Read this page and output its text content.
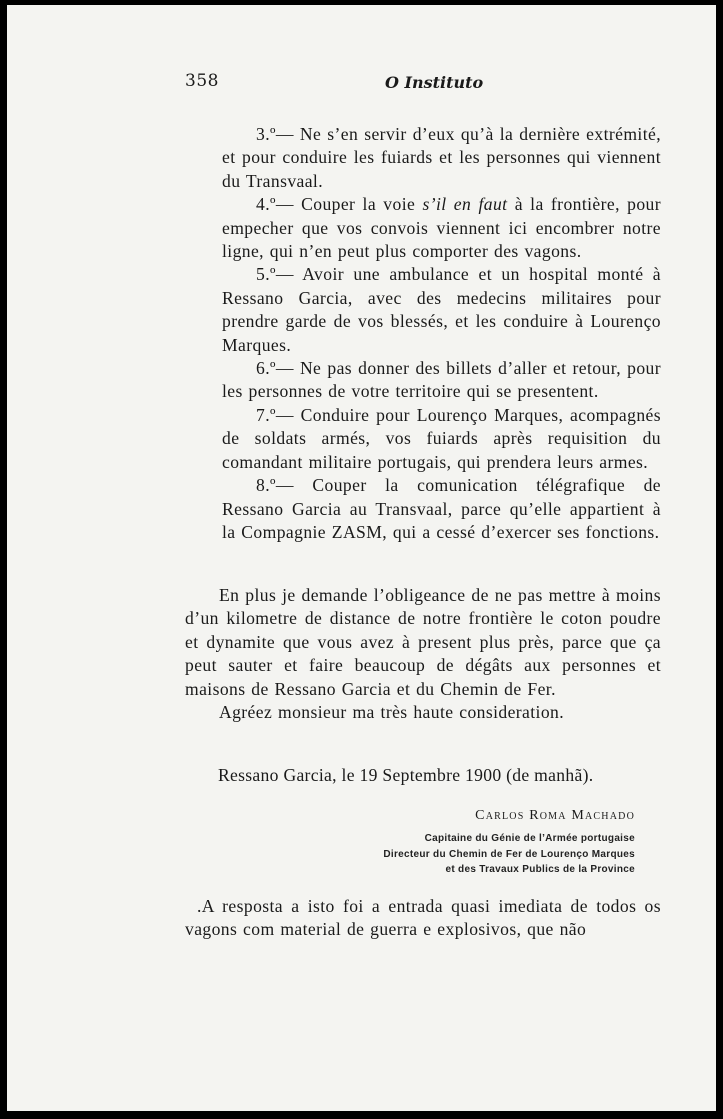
358	O Instituto

3.º— Ne s’en servir d’eux qu’à la dernière extrémité, et pour conduire les fuiards et les personnes qui viennent du Transvaal.

4.º— Couper la voie s’il en faut à la frontière, pour empecher que vos convois viennent ici encombrer notre ligne, qui n’en peut plus comporter des vagons.

5.º— Avoir une ambulance et un hospital monté à Ressano Garcia, avec des medecins militaires pour prendre garde de vos blessés, et les conduire à Lourenço Marques.

6.º— Ne pas donner des billets d’aller et retour, pour les personnes de votre territoire qui se presentent.

7.º— Conduire pour Lourenço Marques, acompagnés de soldats armés, vos fuiards après requisition du comandant militaire portugais, qui prendera leurs armes.

8.º— Couper la comunication télégrafique de Ressano Garcia au Transvaal, parce qu’elle appartient à la Compagnie ZASM, qui a cessé d’exercer ses fonctions.

En plus je demande l’obligeance de ne pas mettre à moins d’un kilometre de distance de notre frontière le coton poudre et dynamite que vous avez à present plus près, parce que ça peut sauter et faire beaucoup de dégâts aux personnes et maisons de Ressano Garcia et du Chemin de Fer.

Agréez monsieur ma très haute consideration.

Ressano Garcia, le 19 Septembre 1900 (de manhã).
Carlos Roma Machado
Capitaine du Génie de l’Armée portugaise
Directeur du Chemin de Fer de Lourenço Marques
et des Travaux Publics de la Province

.A resposta a isto foi a entrada quasi imediata de todos os vagons com material de guerra e explosivos, que não
